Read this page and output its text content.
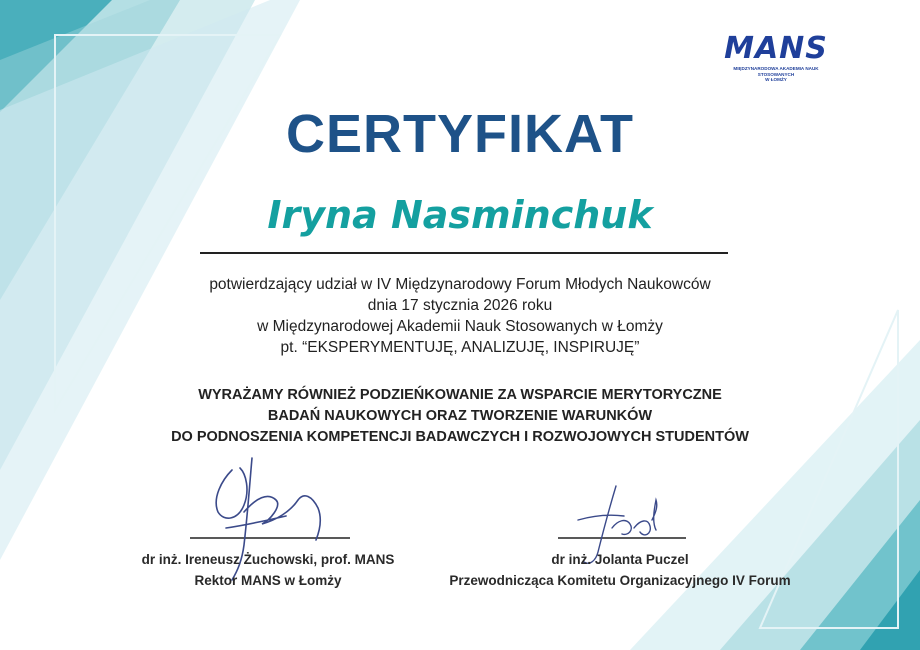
MANS
MIĘDZYNARODOWA AKADEMIA NAUK STOSOWANYCH
W ŁOMŻY
CERTYFIKAT
Iryna Nasminchuk

potwierdzający udział w IV Międzynarodowy Forum Młodych Naukowców

dnia 17 stycznia 2026 roku

w Międzynarodowej Akademii Nauk Stosowanych w Łomży

pt. “EKSPERYMENTUJĘ, ANALIZUJĘ, INSPIRUJĘ”

WYRAŻAMY RÓWNIEŻ PODZIEŃKOWANIE ZA WSPARCIE MERYTORYCZNE

BADAŃ NAUKOWYCH ORAZ TWORZENIE WARUNKÓW

DO PODNOSZENIA KOMPETENCJI BADAWCZYCH I ROZWOJOWYCH STUDENTÓW

dr inż. Ireneusz Żuchowski, prof. MANS

Rektor MANS w Łomży

dr inż. Jolanta Puczel

Przewodnicząca Komitetu Organizacyjnego IV Forum
